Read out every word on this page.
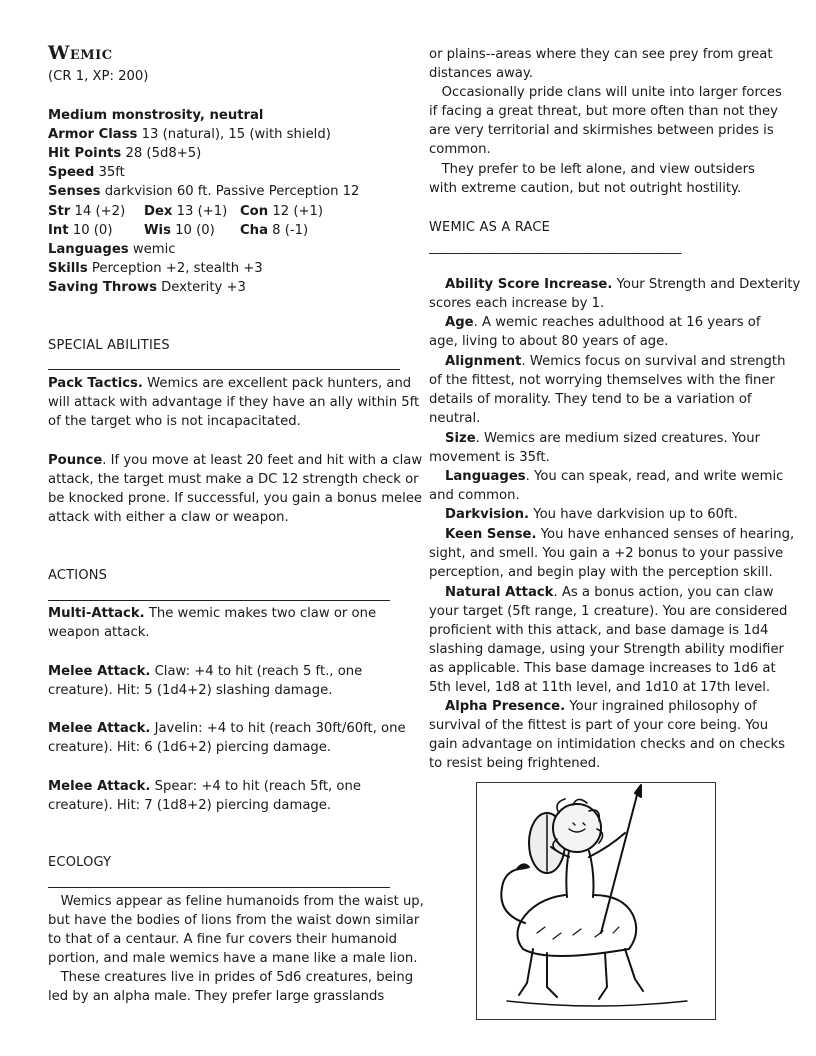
Wemic
(CR 1, XP: 200)
Medium monstrosity, neutral
Armor Class 13 (natural), 15 (with shield)
Hit Points 28 (5d8+5)
Speed 35ft
Senses darkvision 60 ft. Passive Perception 12
Str 14 (+2) Dex 13 (+1) Con 12 (+1)
Int 10 (0) Wis 10 (0) Cha 8 (-1)
Languages wemic
Skills Perception +2, stealth +3
Saving Throws Dexterity +3
SPECIAL ABILITIES
Pack Tactics. Wemics are excellent pack hunters, and
will attack with advantage if they have an ally within 5ft
of the target who is not incapacitated.
Pounce. If you move at least 20 feet and hit with a claw
attack, the target must make a DC 12 strength check or
be knocked prone. If successful, you gain a bonus melee
attack with either a claw or weapon.
ACTIONS
Multi-Attack. The wemic makes two claw or one
weapon attack.
Melee Attack. Claw: +4 to hit (reach 5 ft., one
creature). Hit: 5 (1d4+2) slashing damage.
Melee Attack. Javelin: +4 to hit (reach 30ft/60ft, one
creature). Hit: 6 (1d6+2) piercing damage.
Melee Attack. Spear: +4 to hit (reach 5ft, one
creature). Hit: 7 (1d8+2) piercing damage.
ECOLOGY
Wemics appear as feline humanoids from the waist up,
but have the bodies of lions from the waist down similar
to that of a centaur. A fine fur covers their humanoid
portion, and male wemics have a mane like a male lion.
These creatures live in prides of 5d6 creatures, being
led by an alpha male. They prefer large grasslands
or plains--areas where they can see prey from great
distances away.
Occasionally pride clans will unite into larger forces
if facing a great threat, but more often than not they
are very territorial and skirmishes between prides is
common.
They prefer to be left alone, and view outsiders
with extreme caution, but not outright hostility.
WEMIC AS A RACE
__________________________________________
Ability Score Increase. Your Strength and Dexterity
scores each increase by 1.
Age. A wemic reaches adulthood at 16 years of
age, living to about 80 years of age.
Alignment. Wemics focus on survival and strength
of the fittest, not worrying themselves with the finer
details of morality. They tend to be a variation of
neutral.
Size. Wemics are medium sized creatures. Your
movement is 35ft.
Languages. You can speak, read, and write wemic
and common.
Darkvision. You have darkvision up to 60ft.
Keen Sense. You have enhanced senses of hearing,
sight, and smell. You gain a +2 bonus to your passive
perception, and begin play with the perception skill.
Natural Attack. As a bonus action, you can claw
your target (5ft range, 1 creature). You are considered
proficient with this attack, and base damage is 1d4
slashing damage, using your Strength ability modifier
as applicable. This base damage increases to 1d6 at
5th level, 1d8 at 11th level, and 1d10 at 17th level.
Alpha Presence. Your ingrained philosophy of
survival of the fittest is part of your core being. You
gain advantage on intimidation checks and on checks
to resist being frightened.
